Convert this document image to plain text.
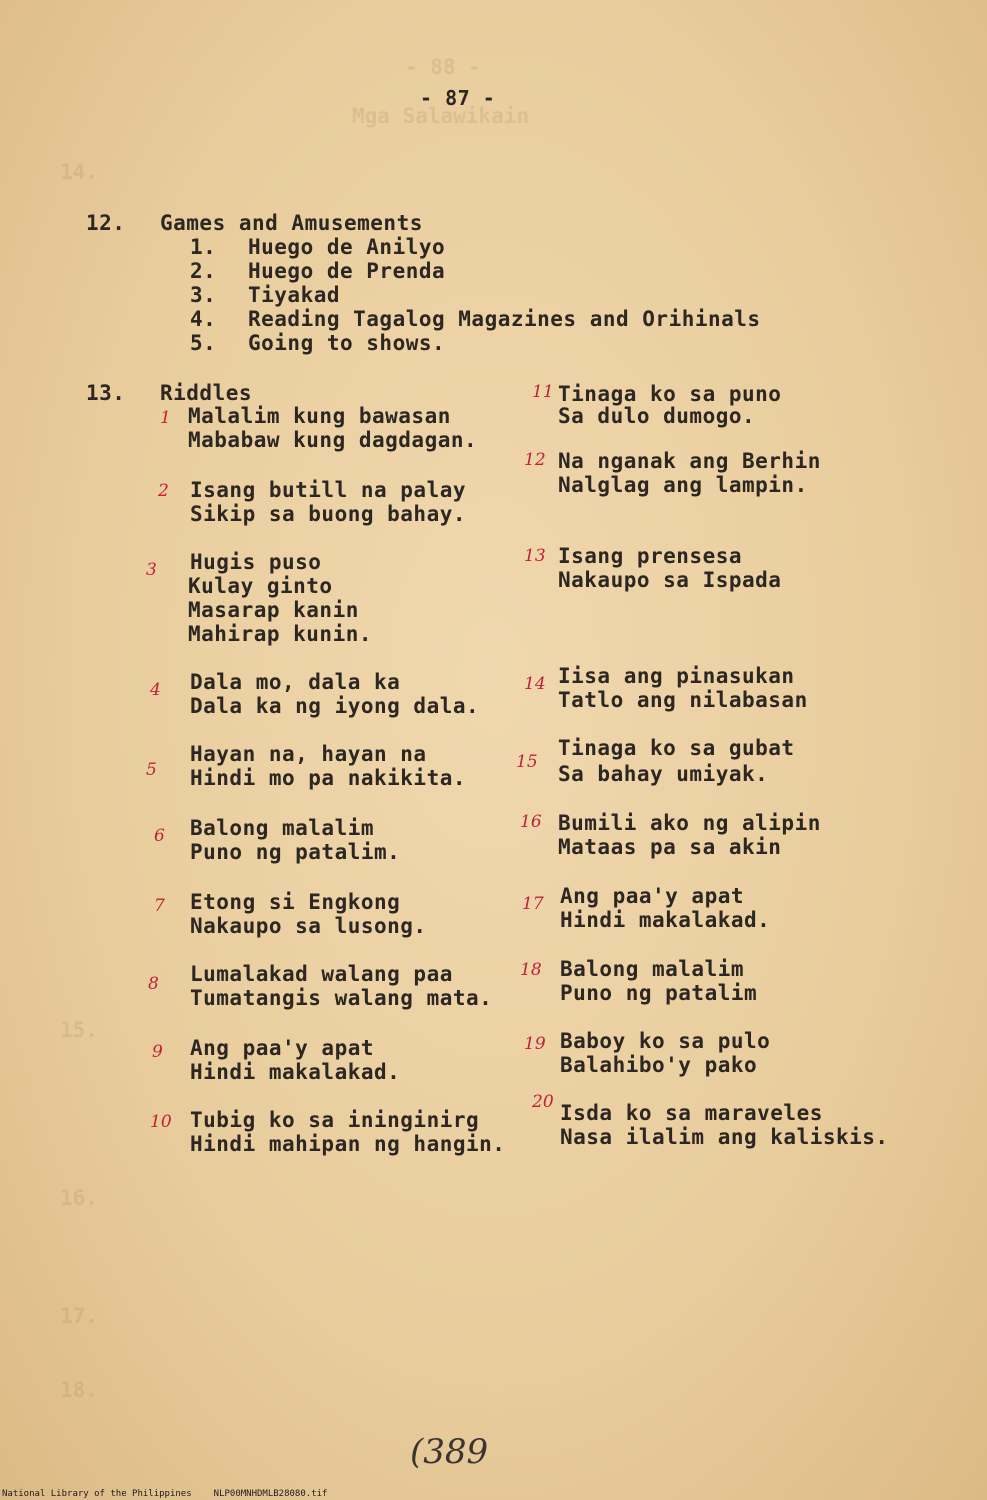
- 88 -
Mga Salawikain
14.
15.
16.
17.
18.
- 87 -
12. Games and Amusements
1. Huego de Anilyo
2. Huego de Prenda
3. Tiyakad
4. Reading Tagalog Magazines and Orihinals
5. Going to shows.
13. Riddles
1 Malalim kung bawasan
Mababaw kung dagdagan.
2 Isang butill na palay
Sikip sa buong bahay.
3 Hugis puso
Kulay ginto
Masarap kanin
Mahirap kunin.
4 Dala mo, dala ka
Dala ka ng iyong dala.
5
Hayan na, hayan na
Hindi mo pa nakikita.
6 Balong malalim
Puno ng patalim.
7 Etong si Engkong
Nakaupo sa lusong.
8 Lumalakad walang paa
Tumatangis walang mata.
9 Ang paa'y apat
Hindi makalakad.
10 Tubig ko sa ininginirg
Hindi mahipan ng hangin.
11 Tinaga ko sa puno
Sa dulo dumogo.
12 Na nganak ang Berhin
Nalglag ang lampin.
13 Isang prensesa
Nakaupo sa Ispada
14 Iisa ang pinasukan
Tatlo ang nilabasan
15
Tinaga ko sa gubat
Sa bahay umiyak.
16 Bumili ako ng alipin
Mataas pa sa akin
17 Ang paa'y apat
Hindi makalakad.
18 Balong malalim
Puno ng patalim
19 Baboy ko sa pulo
Balahibo'y pako
20 Isda ko sa maraveles
Nasa ilalim ang kaliskis.
(389
National Library of the Philippines NLP00MNHDMLB28080.tif
